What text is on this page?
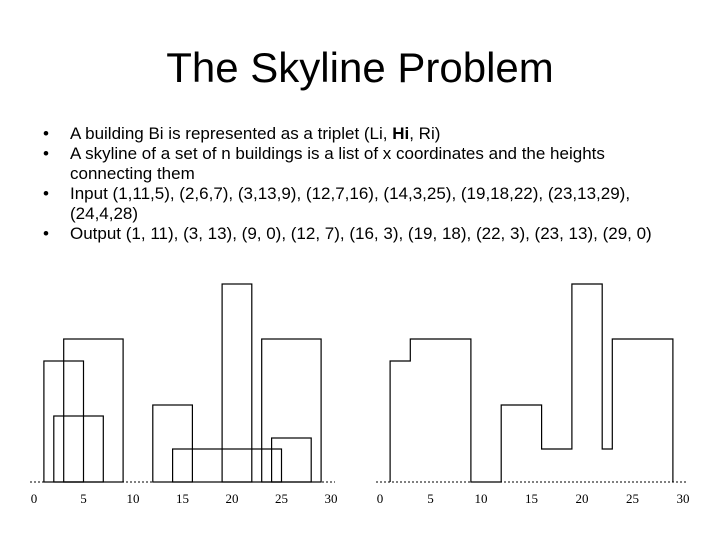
The Skyline Problem
•	A building Bi is represented as a triplet (Li, Hi, Ri)
•	A skyline of a set of n buildings is a list of x coordinates and the heights connecting them
•	Input (1,11,5), (2,6,7), (3,13,9), (12,7,16), (14,3,25), (19,18,22), (23,13,29), (24,4,28)
•	Output (1, 11), (3, 13), (9, 0), (12, 7), (16, 3), (19, 18), (22, 3), (23, 13), (29, 0)
0	5	10	15	20	25	30	0	5	10	15	20	25	30
